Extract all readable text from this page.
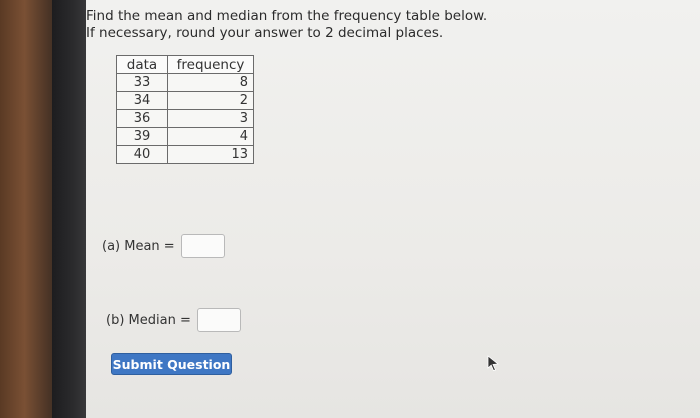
Find the mean and median from the frequency table below.
If necessary, round your answer to 2 decimal places.
data	frequency
33	8
34	2
36	3
39	4
40	13
(a) Mean =
(b) Median =
Submit Question
